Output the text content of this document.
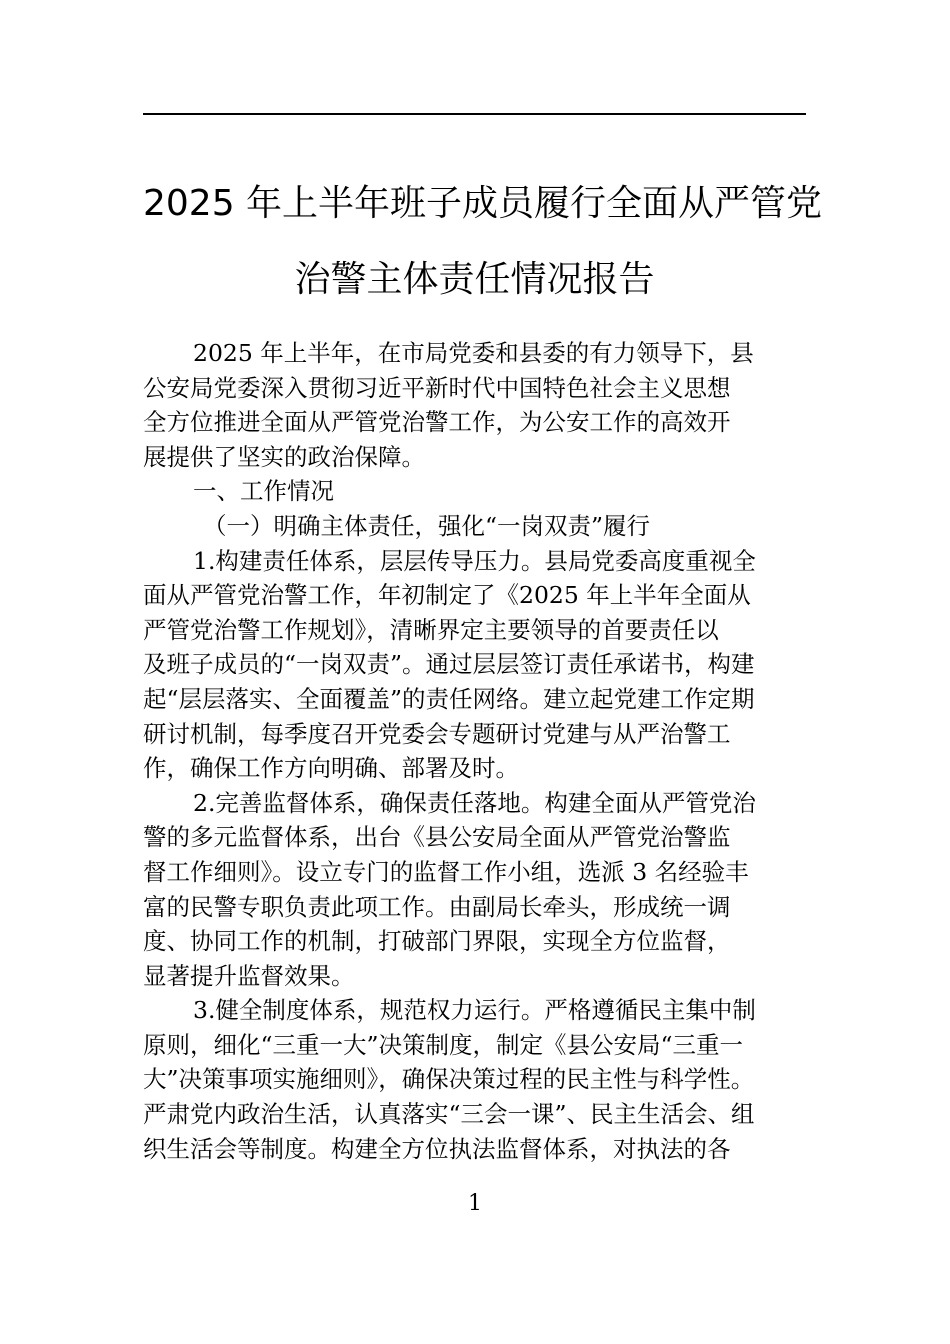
2025 年上半年班子成员履行全面从严管党
治警主体责任情况报告
2025 年上半年，在市局党委和县委的有力领导下，县
公安局党委深入贯彻习近平新时代中国特色社会主义思想
全方位推进全面从严管党治警工作，为公安工作的高效开
展提供了坚实的政治保障。
一、工作情况
（一）明确主体责任，强化“一岗双责”履行
1.构建责任体系，层层传导压力。县局党委高度重视全
面从严管党治警工作，年初制定了《2025 年上半年全面从
严管党治警工作规划》，清晰界定主要领导的首要责任以
及班子成员的“一岗双责”。通过层层签订责任承诺书，构建
起“层层落实、全面覆盖”的责任网络。建立起党建工作定期
研讨机制，每季度召开党委会专题研讨党建与从严治警工
作，确保工作方向明确、部署及时。
2.完善监督体系，确保责任落地。构建全面从严管党治
警的多元监督体系，出台《县公安局全面从严管党治警监
督工作细则》。设立专门的监督工作小组，选派 3 名经验丰
富的民警专职负责此项工作。由副局长牵头，形成统一调
度、协同工作的机制，打破部门界限，实现全方位监督，
显著提升监督效果。
3.健全制度体系，规范权力运行。严格遵循民主集中制
原则，细化“三重一大”决策制度，制定《县公安局“三重一
大”决策事项实施细则》，确保决策过程的民主性与科学性。
严肃党内政治生活，认真落实“三会一课”、民主生活会、组
织生活会等制度。构建全方位执法监督体系，对执法的各
1
